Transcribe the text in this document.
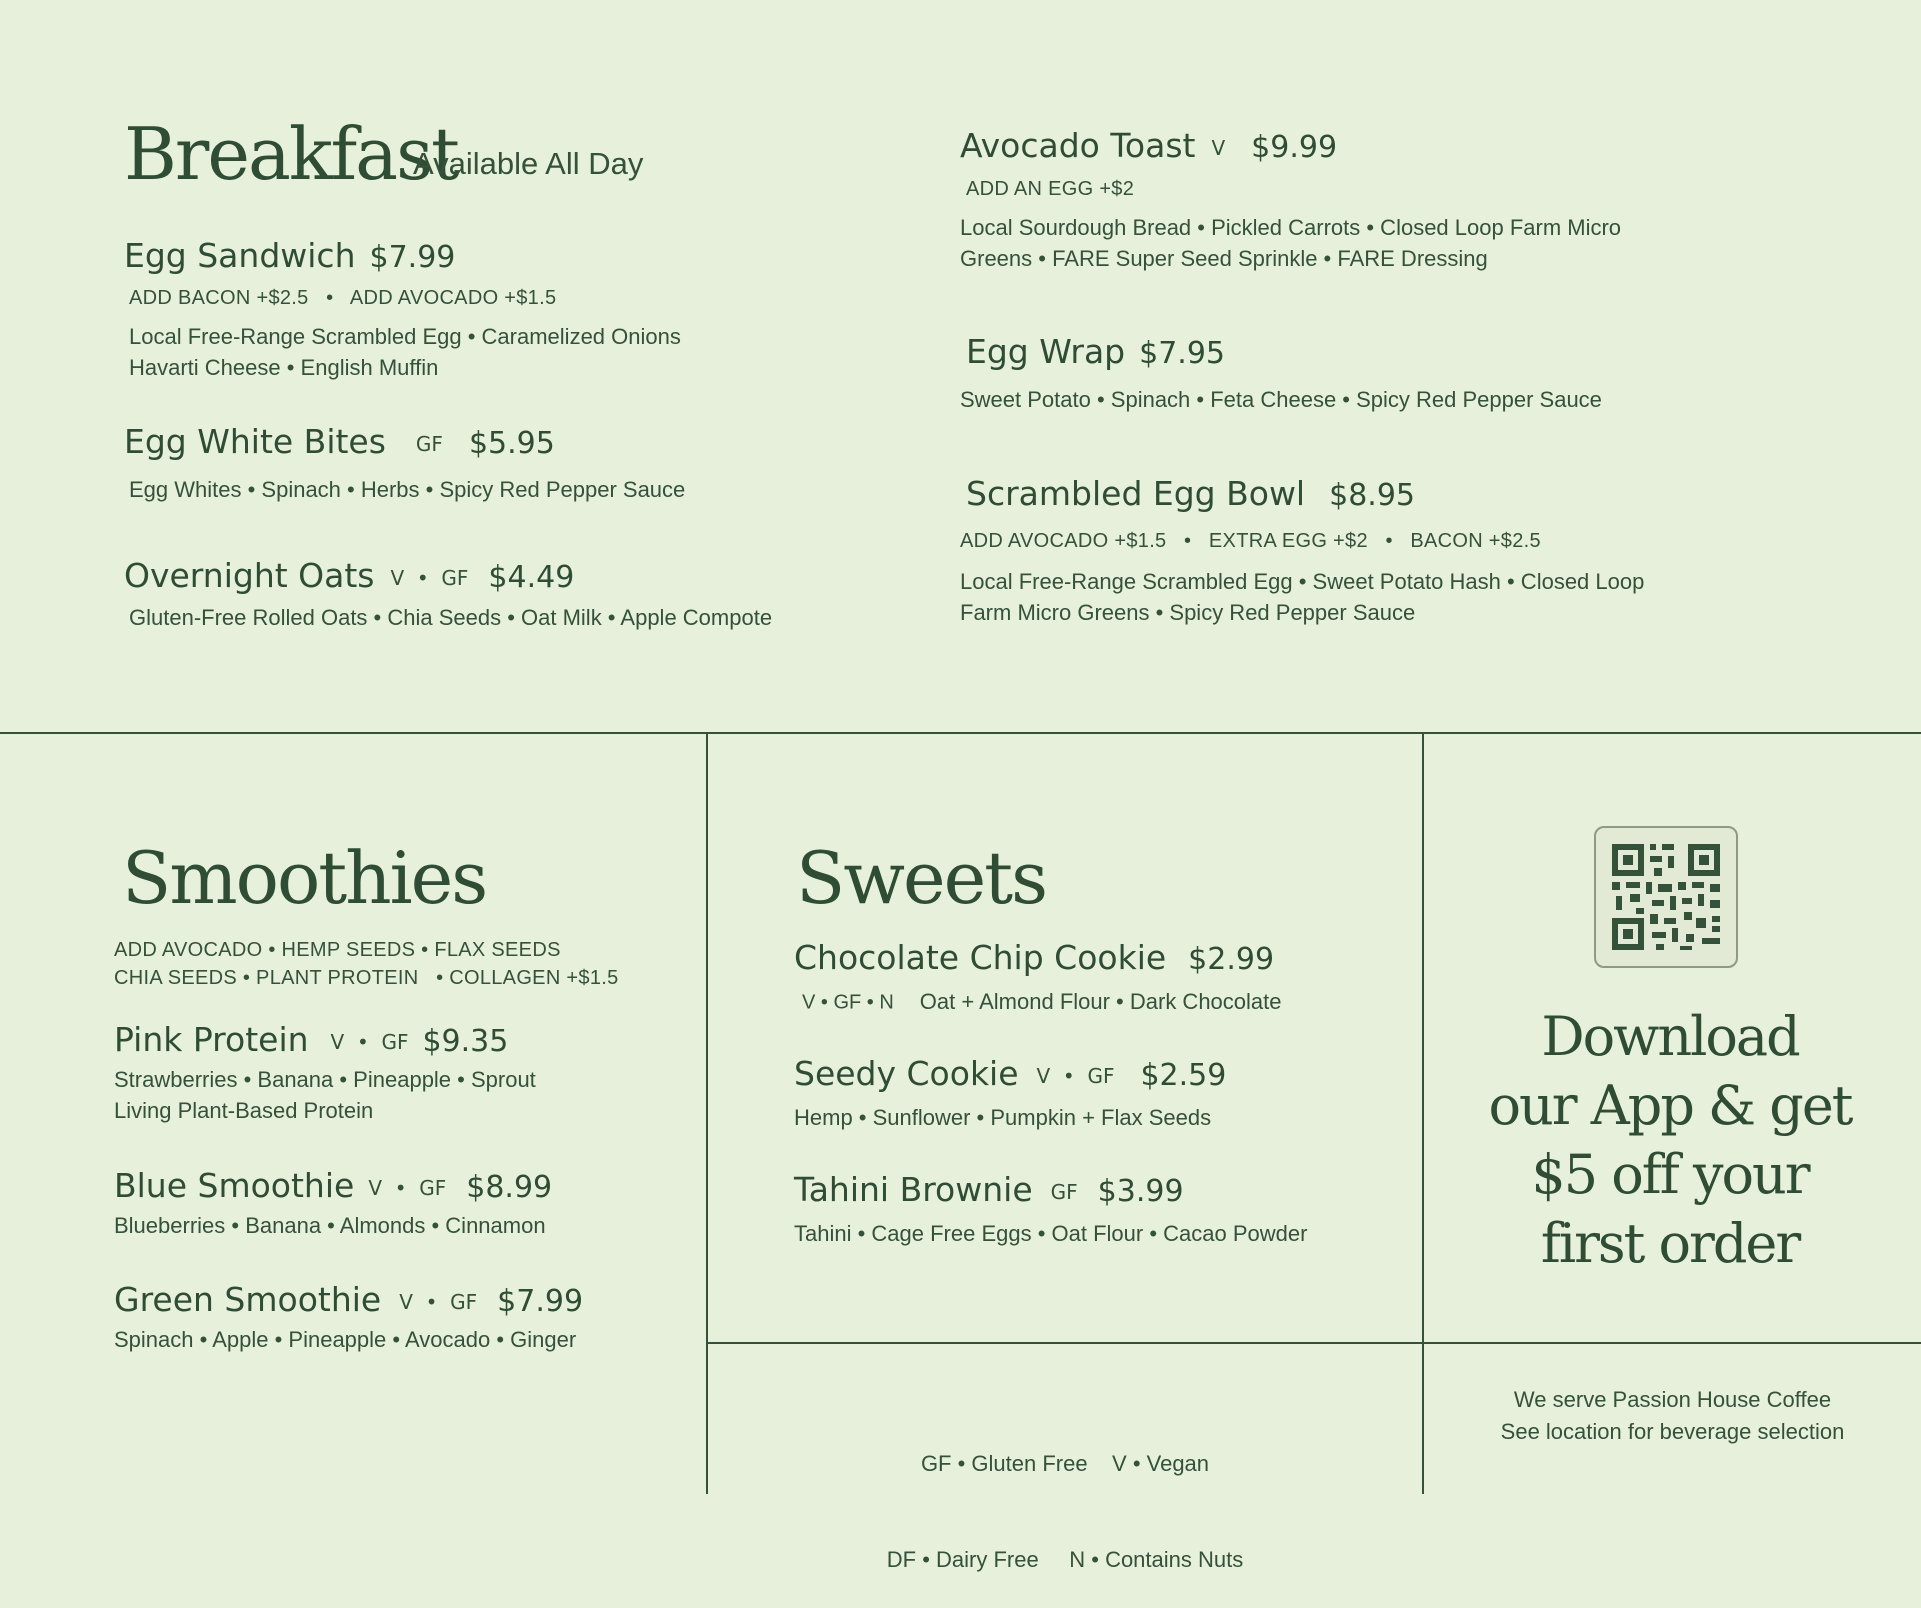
Breakfast
Available All Day
Egg Sandwich $7.99
ADD BACON +$2.5   •   ADD AVOCADO +$1.5
Local Free-Range Scrambled Egg • Caramelized Onions
Havarti Cheese • English Muffin
Egg White Bites GF $5.95
Egg Whites • Spinach • Herbs • Spicy Red Pepper Sauce
Overnight Oats V  •  GF $4.49
Gluten-Free Rolled Oats • Chia Seeds • Oat Milk • Apple Compote
Avocado Toast V $9.99
ADD AN EGG +$2
Local Sourdough Bread • Pickled Carrots • Closed Loop Farm Micro
Greens • FARE Super Seed Sprinkle • FARE Dressing
Egg Wrap $7.95
Sweet Potato • Spinach • Feta Cheese • Spicy Red Pepper Sauce
Scrambled Egg Bowl $8.95
ADD AVOCADO +$1.5   •   EXTRA EGG +$2   •   BACON +$2.5
Local Free-Range Scrambled Egg • Sweet Potato Hash • Closed Loop
Farm Micro Greens • Spicy Red Pepper Sauce
Smoothies
ADD AVOCADO • HEMP SEEDS • FLAX SEEDS
CHIA SEEDS • PLANT PROTEIN   • COLLAGEN +$1.5
Pink Protein V  •  GF $9.35
Strawberries • Banana • Pineapple • Sprout
Living Plant-Based Protein
Blue Smoothie V  •  GF $8.99
Blueberries • Banana • Almonds • Cinnamon
Green Smoothie V  •  GF $7.99
Spinach • Apple • Pineapple • Avocado • Ginger
Sweets
Chocolate Chip Cookie $2.99
V • GF • N Oat + Almond Flour • Dark Chocolate
Seedy Cookie V  •  GF $2.59
Hemp • Sunflower • Pumpkin + Flax Seeds
Tahini Brownie GF $3.99
Tahini • Cage Free Eggs • Oat Flour • Cacao Powder
Download
our App & get
$5 off your
first order

GF • Gluten Free    V • Vegan

DF • Dairy Free     N • Contains Nuts

We serve Passion House Coffee
See location for beverage selection
